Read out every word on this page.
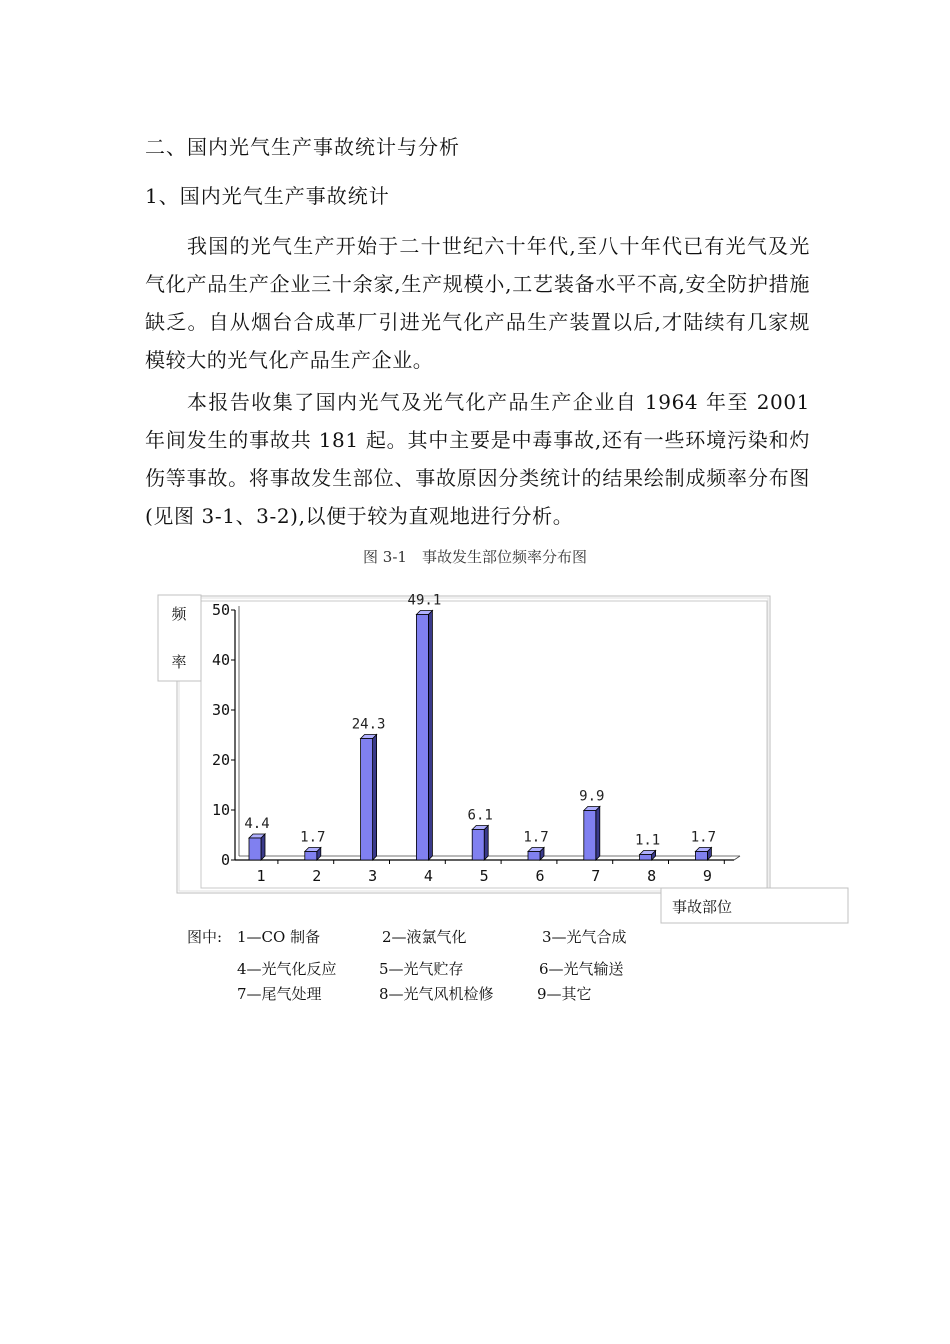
二、国内光气生产事故统计与分析
1、国内光气生产事故统计
我国的光气生产开始于二十世纪六十年代,至八十年代已有光气及光气化产品生产企业三十余家,生产规模小,工艺装备水平不高,安全防护措施缺乏。自从烟台合成革厂引进光气化产品生产装置以后,才陆续有几家规模较大的光气化产品生产企业。
本报告收集了国内光气及光气化产品生产企业自 1964 年至 2001 年间发生的事故共 181 起。其中主要是中毒事故,还有一些环境污染和灼伤等事故。将事故发生部位、事故原因分类统计的结果绘制成频率分布图(见图 3-1、3-2),以便于较为直观地进行分析。
图 3-1　事故发生部位频率分布图
频
率
事故部位
0
10
20
30
40
50
1
4.4
2
1.7
3
24.3
4
49.1
5
6.1
6
1.7
7
9.9
8
1.1
9
1.7
图中: 1—CO 制备	2—液氯气化	3—光气合成
4—光气化反应	5—光气贮存	6—光气输送
7—尾气处理	8—光气风机检修	9—其它
